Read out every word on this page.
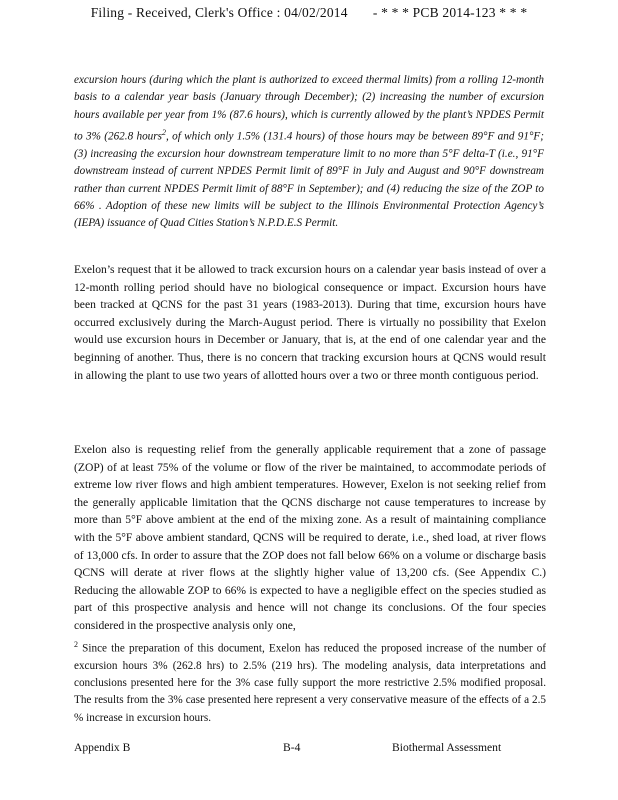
Filing - Received, Clerk's Office : 04/02/2014 - * * * PCB 2014-123 * * *
excursion hours (during which the plant is authorized to exceed thermal limits) from a rolling 12-month basis to a calendar year basis (January through December); (2) increasing the number of excursion hours available per year from 1% (87.6 hours), which is currently allowed by the plant’s NPDES Permit to 3% (262.8 hours$^2$, of which only 1.5% (131.4 hours) of those hours may be between 89°F and 91°F; (3) increasing the excursion hour downstream temperature limit to no more than 5°F delta-T (i.e., 91°F downstream instead of current NPDES Permit limit of 89°F in July and August and 90°F downstream rather than current NPDES Permit limit of 88°F in September); and (4) reducing the size of the ZOP to 66% . Adoption of these new limits will be subject to the Illinois Environmental Protection Agency’s (IEPA) issuance of Quad Cities Station’s N.P.D.E.S Permit.
Exelon’s request that it be allowed to track excursion hours on a calendar year basis instead of over a 12-month rolling period should have no biological consequence or impact. Excursion hours have been tracked at QCNS for the past 31 years (1983-2013). During that time, excursion hours have occurred exclusively during the March-August period. There is virtually no possibility that Exelon would use excursion hours in December or January, that is, at the end of one calendar year and the beginning of another. Thus, there is no concern that tracking excursion hours at QCNS would result in allowing the plant to use two years of allotted hours over a two or three month contiguous period.
Exelon also is requesting relief from the generally applicable requirement that a zone of passage (ZOP) of at least 75% of the volume or flow of the river be maintained, to accommodate periods of extreme low river flows and high ambient temperatures. However, Exelon is not seeking relief from the generally applicable limitation that the QCNS discharge not cause temperatures to increase by more than 5°F above ambient at the end of the mixing zone. As a result of maintaining compliance with the 5°F above ambient standard, QCNS will be required to derate, i.e., shed load, at river flows of 13,000 cfs. In order to assure that the ZOP does not fall below 66% on a volume or discharge basis QCNS will derate at river flows at the slightly higher value of 13,200 cfs. (See Appendix C.) Reducing the allowable ZOP to 66% is expected to have a negligible effect on the species studied as part of this prospective analysis and hence will not change its conclusions. Of the four species considered in the prospective analysis only one,
$^2$ Since the preparation of this document, Exelon has reduced the proposed increase of the number of excursion hours 3% (262.8 hrs) to 2.5% (219 hrs). The modeling analysis, data interpretations and conclusions presented here for the 3% case fully support the more restrictive 2.5% modified proposal. The results from the 3% case presented here represent a very conservative measure of the effects of a 2.5 % increase in excursion hours.
Appendix B	B-4	Biothermal Assessment
